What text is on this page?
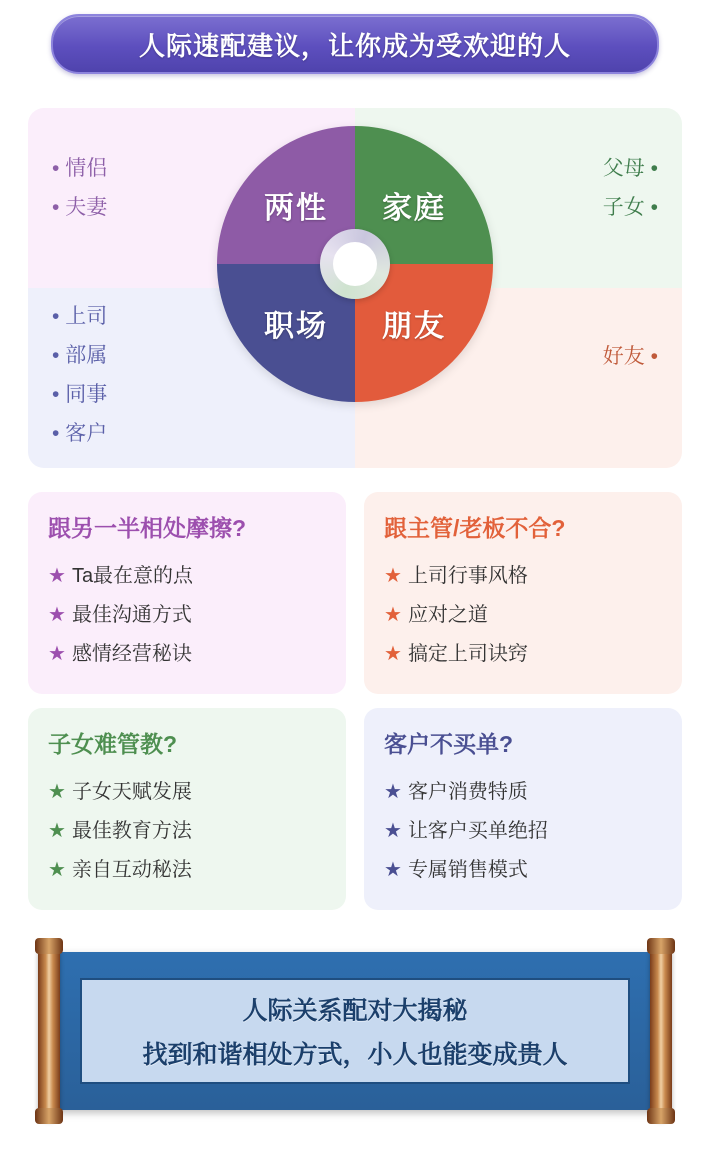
人际速配建议，让你成为受欢迎的人
• 情侣
• 夫妻
• 上司
• 部属
• 同事
• 客户
父母 •
子女 •
好友 •
两性 家庭
职场 朋友
跟另一半相处摩擦?
★ Ta最在意的点
★ 最佳沟通方式
★ 感情经营秘诀
跟主管/老板不合?
★ 上司行事风格
★ 应对之道
★ 搞定上司诀窍
子女难管教?
★ 子女天赋发展
★ 最佳教育方法
★ 亲自互动秘法
客户不买单?
★ 客户消费特质
★ 让客户买单绝招
★ 专属销售模式
人际关系配对大揭秘
找到和谐相处方式，小人也能变成贵人
